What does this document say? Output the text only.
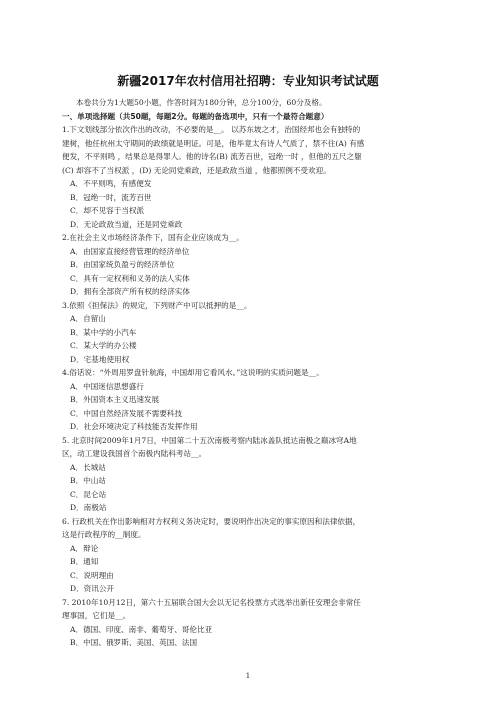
新疆2017年农村信用社招聘：专业知识考试试题
本卷共分为1大题50小题，作答时间为180分钟，总分100分，60分及格。
一、单项选择题（共50题，每题2分。每题的备选项中，只有一个最符合题意）
1.下文划线部分依次作出的改动，不必要的是__。 以苏东坡之才，治国经邦也会有独特的
建树，他任杭州太守期间的政绩就是明证。可是，他毕竟太有诗人气质了，禁不住(A) 有感
便发，不平则鸣 ，结果总是得罪人。他的诗名(B) 流芳百世，冠绝一时 ，但他的五尺之躯
(C) 却容不了当权派 ，(D) 无论同党乘政，还是政敌当道 ，他都照例不受欢迎。
A．不平则鸣，有感便发
B．冠绝一时，流芳百世
C．却不见容于当权派
D．无论政敌当道，还是同党乘政
2.在社会主义市场经济条件下，国有企业应该成为__。
A．由国家直接经营管理的经济单位
B．由国家统负盈亏的经济单位
C．具有一定权利和义务的法人实体
D．拥有全部资产所有权的经济实体
3.依照《担保法》的规定，下列财产中可以抵押的是__。
A．自留山
B．某中学的小汽车
C．某大学的办公楼
D．宅基地使用权
4.俗话说：“外周用罗盘针航海，中国却用它看风水。”这说明的实质问题是__。
A．中国迷信思想盛行
B．外国资本主义迅速发展
C．中国自然经济发展不需要科技
D．社会环境决定了科技能否发挥作用
5. 北京时间2009年1月7日，中国第二十五次南极考察内陆冰盖队抵达南极之巅冰穹A地
区，动工建设我国首个南极内陆科考站__。
A．长城站
B．中山站
C．昆仑站
D．南极站
6. 行政机关在作出影响相对方权利义务决定时，要说明作出决定的事实原因和法律依据，
这是行政程序的__制度。
A．辩论
B．通知
C．说明理由
D．资讯公开
7. 2010年10月12日，第六十五届联合国大会以无记名投票方式选举出新任安理会非常任
理事国，它们是__。
A．德国、印度、南非、葡萄牙、哥伦比亚
B．中国、俄罗斯、美国、英国、法国
1
